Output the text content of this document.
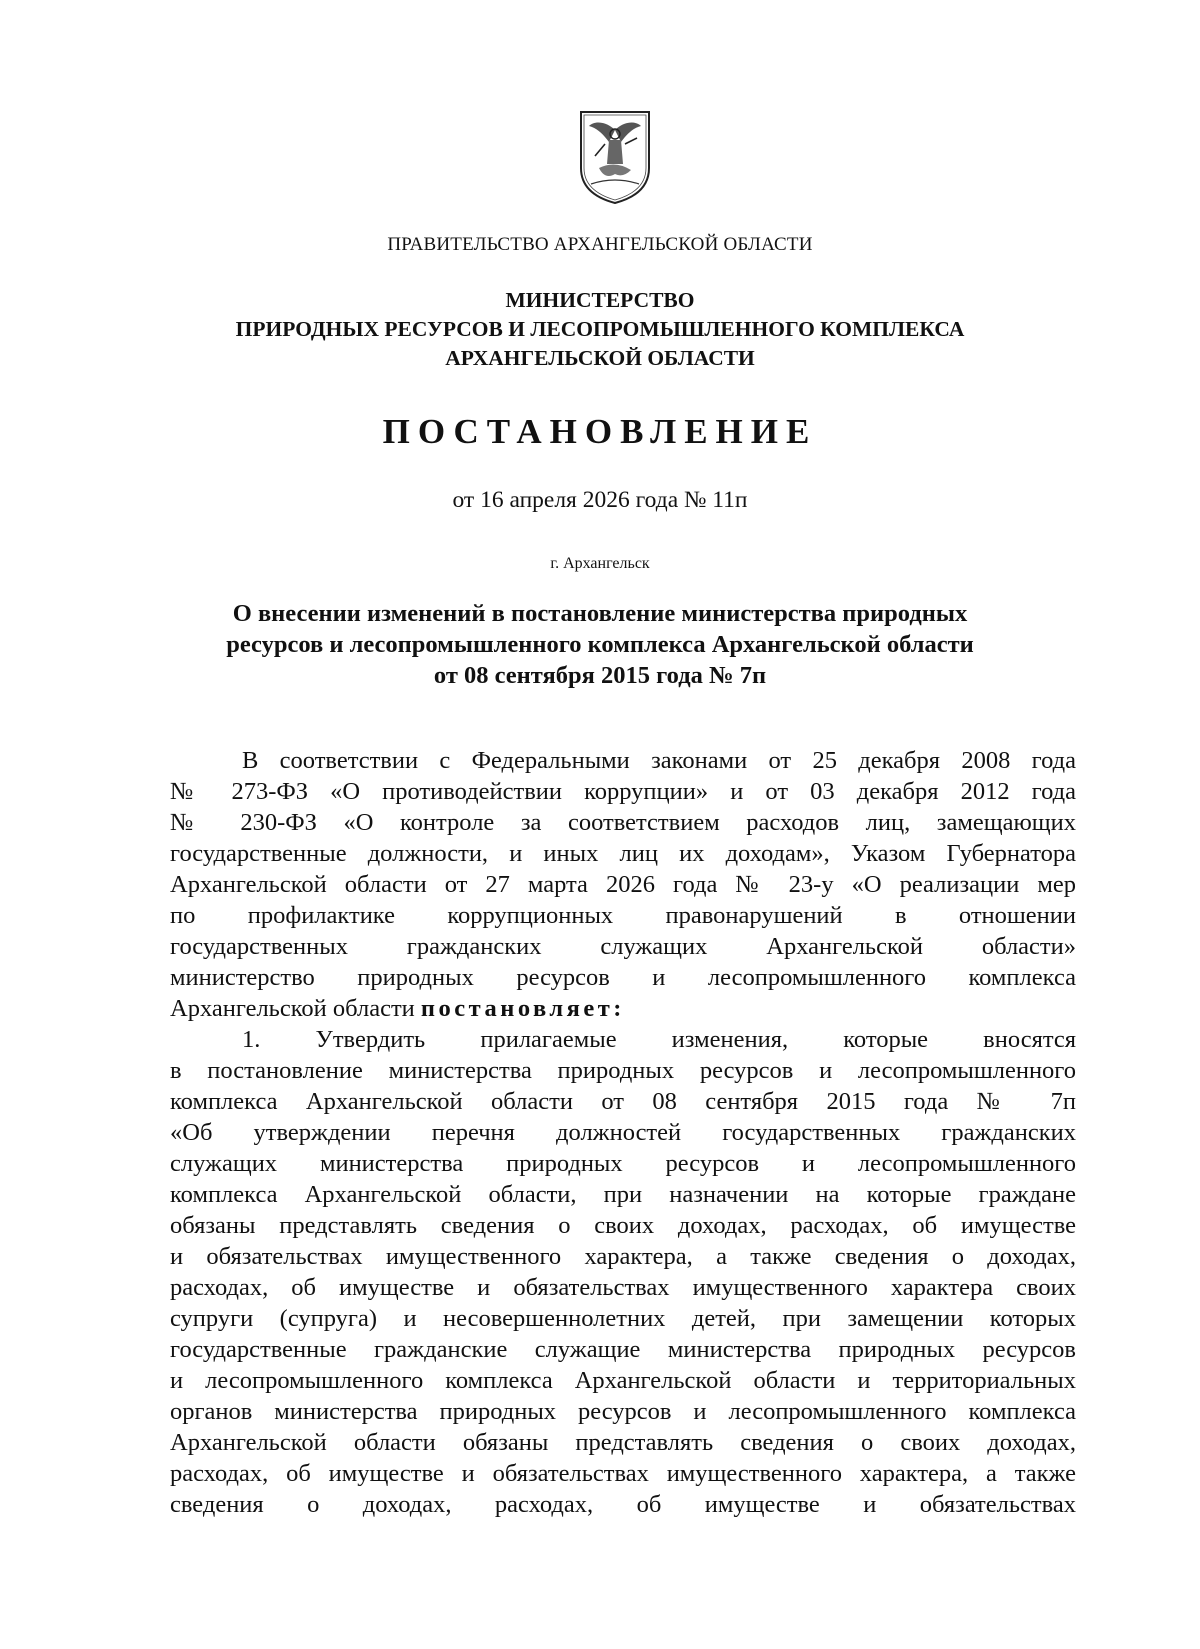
ПРАВИТЕЛЬСТВО АРХАНГЕЛЬСКОЙ ОБЛАСТИ
МИНИСТЕРСТВО
ПРИРОДНЫХ РЕСУРСОВ И ЛЕСОПРОМЫШЛЕННОГО КОМПЛЕКСА
АРХАНГЕЛЬСКОЙ ОБЛАСТИ
ПОСТАНОВЛЕНИЕ
от 16 апреля 2026 года № 11п
г. Архангельск
О внесении изменений в постановление министерства природных
ресурсов и лесопромышленного комплекса Архангельской области
от 08 сентября 2015 года № 7п

В соответствии с Федеральными законами от 25 декабря 2008 года

№ 273-ФЗ «О противодействии коррупции» и от 03 декабря 2012 года

№ 230-ФЗ «О контроле за соответствием расходов лиц, замещающих

государственные должности, и иных лиц их доходам», Указом Губернатора

Архангельской области от 27 марта 2026 года № 23-у «О реализации мер

по профилактике коррупционных правонарушений в отношении

государственных гражданских служащих Архангельской области»

министерство природных ресурсов и лесопромышленного комплекса

Архангельской области постановляет:

1. Утвердить прилагаемые изменения, которые вносятся

в постановление министерства природных ресурсов и лесопромышленного

комплекса Архангельской области от 08 сентября 2015 года № 7п

«Об утверждении перечня должностей государственных гражданских

служащих министерства природных ресурсов и лесопромышленного

комплекса Архангельской области, при назначении на которые граждане

обязаны представлять сведения о своих доходах, расходах, об имуществе

и обязательствах имущественного характера, а также сведения о доходах,

расходах, об имуществе и обязательствах имущественного характера своих

супруги (супруга) и несовершеннолетних детей, при замещении которых

государственные гражданские служащие министерства природных ресурсов

и лесопромышленного комплекса Архангельской области и территориальных

органов министерства природных ресурсов и лесопромышленного комплекса

Архангельской области обязаны представлять сведения о своих доходах,

расходах, об имуществе и обязательствах имущественного характера, а также

сведения о доходах, расходах, об имуществе и обязательствах
